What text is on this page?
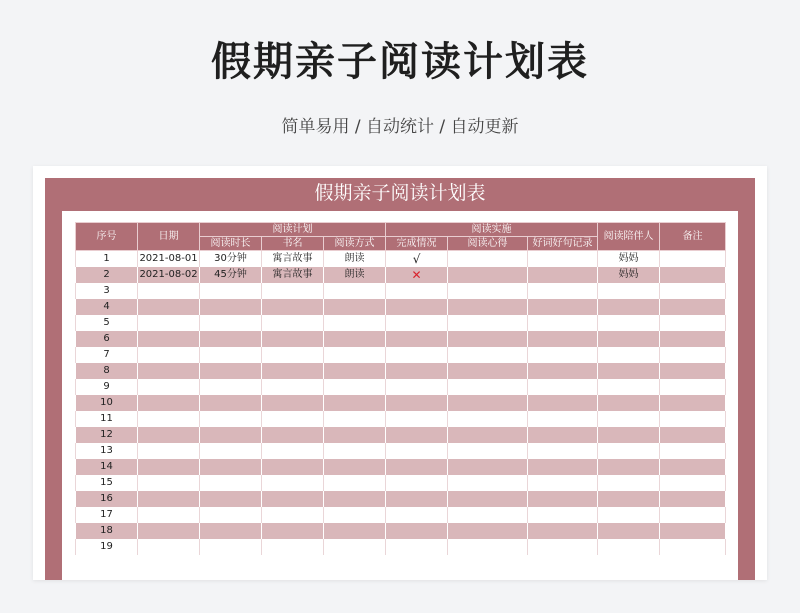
假期亲子阅读计划表
简单易用 / 自动统计 / 自动更新
假期亲子阅读计划表
序号	日期	阅读计划			阅读实施			阅读陪伴人	备注
		阅读时长	书名	阅读方式	完成情况	阅读心得	好词好句记录		
1	2021-08-01	30分钟	寓言故事	朗读	√			妈妈	
2	2021-08-02	45分钟	寓言故事	朗读	✕			妈妈	
3									
4									
5									
6									
7									
8									
9									
10									
11									
12									
13									
14									
15									
16									
17									
18									
19									
